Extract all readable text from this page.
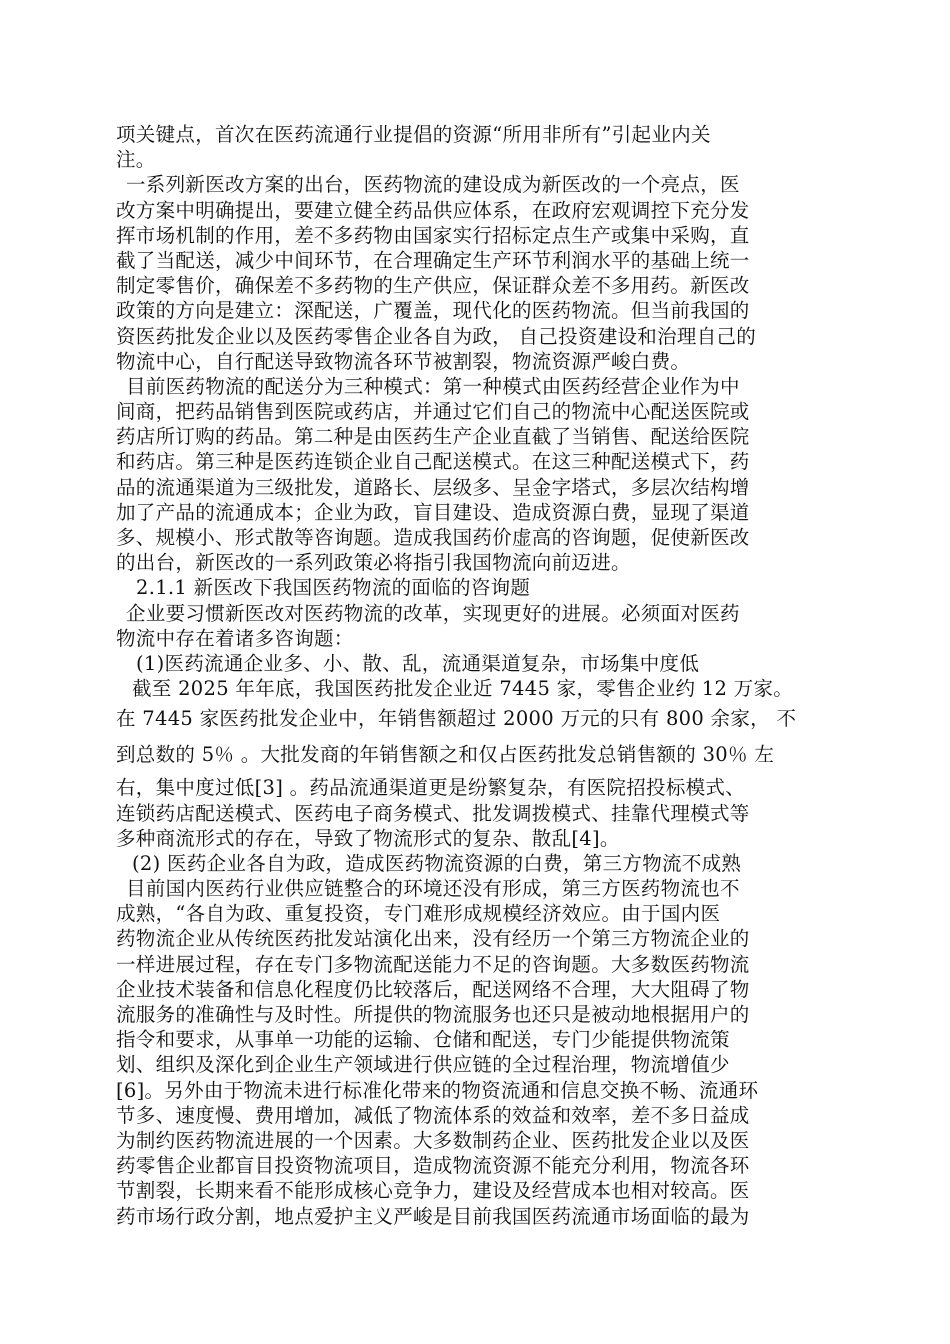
项关键点，首次在医药流通行业提倡的资源“所用非所有”引起业内关
注。
一系列新医改方案的出台，医药物流的建设成为新医改的一个亮点，医
改方案中明确提出，要建立健全药品供应体系，在政府宏观调控下充分发
挥市场机制的作用，差不多药物由国家实行招标定点生产或集中采购，直
截了当配送，减少中间环节，在合理确定生产环节利润水平的基础上统一
制定零售价，确保差不多药物的生产供应，保证群众差不多用药。新医改
政策的方向是建立：深配送，广覆盖，现代化的医药物流。但当前我国的
资医药批发企业以及医药零售企业各自为政， 自己投资建设和治理自己的
物流中心，自行配送导致物流各环节被割裂，物流资源严峻白费。
目前医药物流的配送分为三种模式：第一种模式由医药经营企业作为中
间商，把药品销售到医院或药店，并通过它们自己的物流中心配送医院或
药店所订购的药品。第二种是由医药生产企业直截了当销售、配送给医院
和药店。第三种是医药连锁企业自己配送模式。在这三种配送模式下，药
品的流通渠道为三级批发，道路长、层级多、呈金字塔式，多层次结构增
加了产品的流通成本；企业为政，盲目建设、造成资源白费，显现了渠道
多、规模小、形式散等咨询题。造成我国药价虚高的咨询题，促使新医改
的出台，新医改的一系列政策必将指引我国物流向前迈进。
2.1.1 新医改下我国医药物流的面临的咨询题
企业要习惯新医改对医药物流的改革，实现更好的进展。必须面对医药
物流中存在着诸多咨询题：
(1)医药流通企业多、小、散、乱，流通渠道复杂，市场集中度低
截至 2025 年年底，我国医药批发企业近 7445 家，零售企业约 12 万家。
在 7445 家医药批发企业中，年销售额超过 2000 万元的只有 800 余家， 不
到总数的 5％ 。大批发商的年销售额之和仅占医药批发总销售额的 30％ 左
右，集中度过低[3] 。药品流通渠道更是纷繁复杂，有医院招投标模式、
连锁药店配送模式、医药电子商务模式、批发调拨模式、挂靠代理模式等
多种商流形式的存在，导致了物流形式的复杂、散乱[4]。
(2) 医药企业各自为政，造成医药物流资源的白费，第三方物流不成熟
目前国内医药行业供应链整合的环境还没有形成，第三方医药物流也不
成熟，“各自为政、重复投资，专门难形成规模经济效应。由于国内医
药物流企业从传统医药批发站演化出来，没有经历一个第三方物流企业的
一样进展过程，存在专门多物流配送能力不足的咨询题。大多数医药物流
企业技术装备和信息化程度仍比较落后，配送网络不合理，大大阻碍了物
流服务的准确性与及时性。所提供的物流服务也还只是被动地根据用户的
指令和要求，从事单一功能的运输、仓储和配送，专门少能提供物流策
划、组织及深化到企业生产领域进行供应链的全过程治理，物流增值少
[6]。另外由于物流未进行标准化带来的物资流通和信息交换不畅、流通环
节多、速度慢、费用增加，减低了物流体系的效益和效率，差不多日益成
为制约医药物流进展的一个因素。大多数制药企业、医药批发企业以及医
药零售企业都盲目投资物流项目，造成物流资源不能充分利用，物流各环
节割裂，长期来看不能形成核心竞争力，建设及经营成本也相对较高。医
药市场行政分割，地点爱护主义严峻是目前我国医药流通市场面临的最为
